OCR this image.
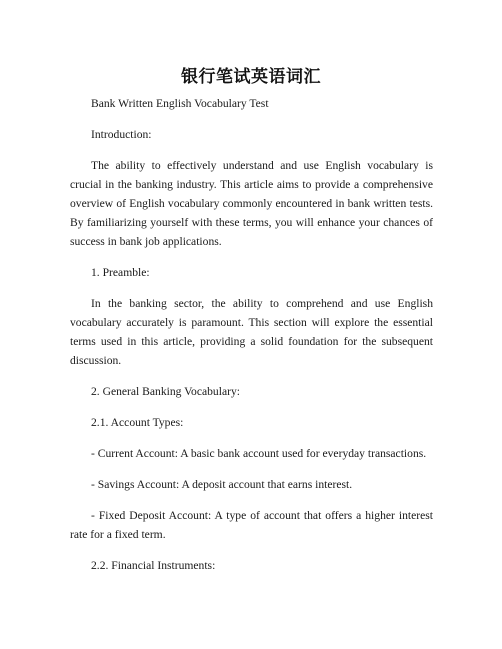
银行笔试英语词汇

Bank Written English Vocabulary Test

Introduction:

The ability to effectively understand and use English vocabulary is crucial in the banking industry. This article aims to provide a comprehensive overview of English vocabulary commonly encountered in bank written tests. By familiarizing yourself with these terms, you will enhance your chances of success in bank job applications.

1. Preamble:

In the banking sector, the ability to comprehend and use English vocabulary accurately is paramount. This section will explore the essential terms used in this article, providing a solid foundation for the subsequent discussion.

2. General Banking Vocabulary:

2.1. Account Types:

- Current Account: A basic bank account used for everyday transactions.

- Savings Account: A deposit account that earns interest.

- Fixed Deposit Account: A type of account that offers a higher interest rate for a fixed term.

2.2. Financial Instruments:
